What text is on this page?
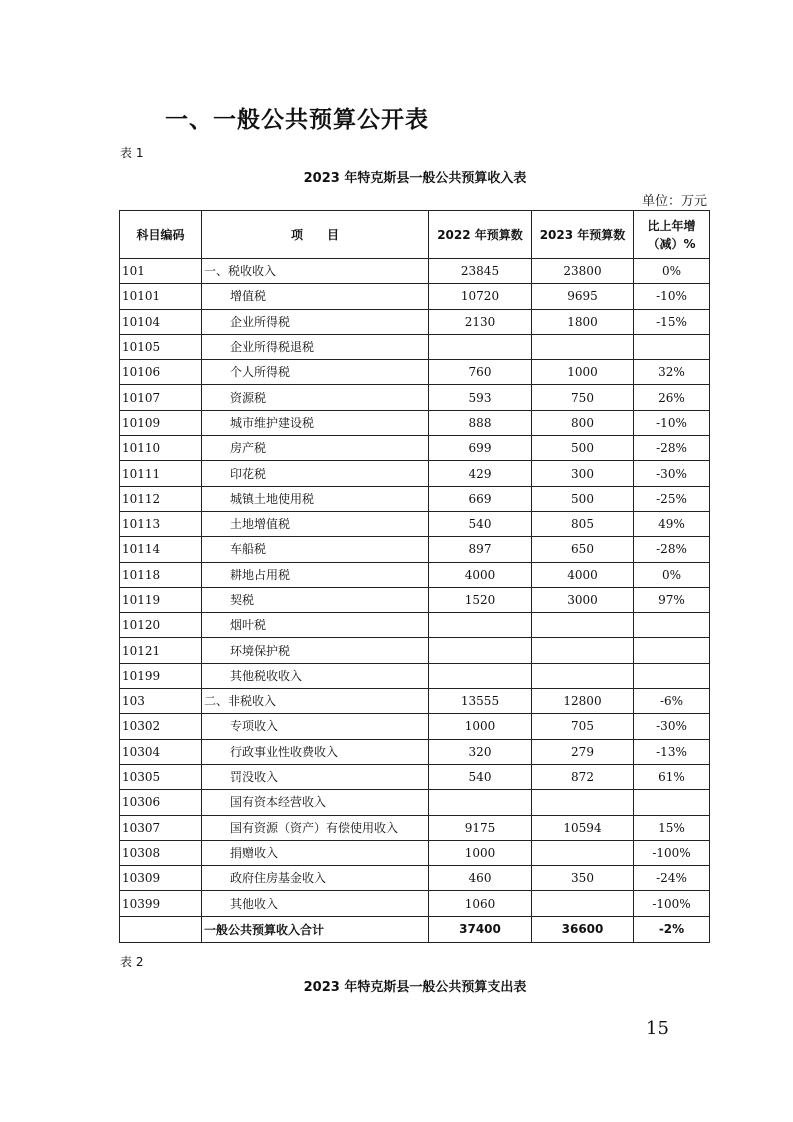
一、一般公共预算公开表
表 1
2023 年特克斯县一般公共预算收入表
单位：万元
科目编码	项　　目	2022 年预算数	2023 年预算数	比上年增（减）%
101	一、税收收入	23845	23800	0%
10101	增值税	10720	9695	-10%
10104	企业所得税	2130	1800	-15%
10105	企业所得税退税			
10106	个人所得税	760	1000	32%
10107	资源税	593	750	26%
10109	城市维护建设税	888	800	-10%
10110	房产税	699	500	-28%
10111	印花税	429	300	-30%
10112	城镇土地使用税	669	500	-25%
10113	土地增值税	540	805	49%
10114	车船税	897	650	-28%
10118	耕地占用税	4000	4000	0%
10119	契税	1520	3000	97%
10120	烟叶税			
10121	环境保护税			
10199	其他税收收入			
103	二、非税收入	13555	12800	-6%
10302	专项收入	1000	705	-30%
10304	行政事业性收费收入	320	279	-13%
10305	罚没收入	540	872	61%
10306	国有资本经营收入			
10307	国有资源（资产）有偿使用收入	9175	10594	15%
10308	捐赠收入	1000		-100%
10309	政府住房基金收入	460	350	-24%
10399	其他收入	1060		-100%
	一般公共预算收入合计	37400	36600	-2%
表 2
2023 年特克斯县一般公共预算支出表
15
